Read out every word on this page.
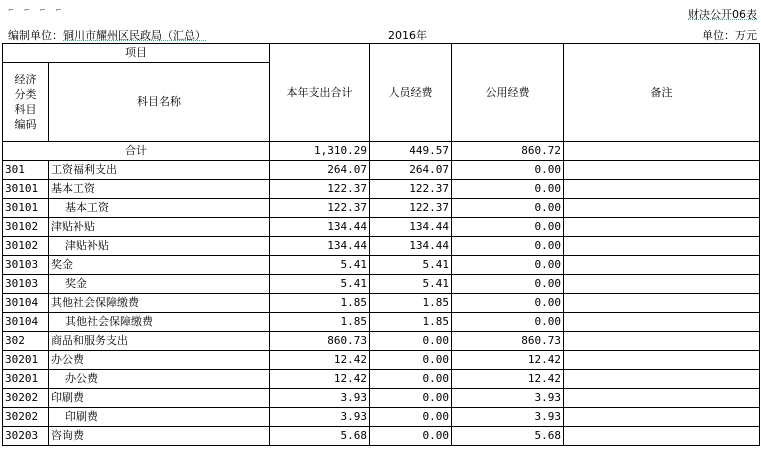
⌐⌐⌐⌐	财决公开06表
编制单位：铜川市耀州区民政局（汇总）	2016年	单位：万元
项目		本年支出合计	人员经费	公用经费	备注
经济分类科目编码	科目名称				
合计		1,310.29	449.57	860.72	
301	工资福利支出	264.07	264.07	0.00	
30101	基本工资	122.37	122.37	0.00	
30101	基本工资	122.37	122.37	0.00	
30102	津贴补贴	134.44	134.44	0.00	
30102	津贴补贴	134.44	134.44	0.00	
30103	奖金	5.41	5.41	0.00	
30103	奖金	5.41	5.41	0.00	
30104	其他社会保障缴费	1.85	1.85	0.00	
30104	其他社会保障缴费	1.85	1.85	0.00	
302	商品和服务支出	860.73	0.00	860.73	
30201	办公费	12.42	0.00	12.42	
30201	办公费	12.42	0.00	12.42	
30202	印刷费	3.93	0.00	3.93	
30202	印刷费	3.93	0.00	3.93	
30203	咨询费	5.68	0.00	5.68	
